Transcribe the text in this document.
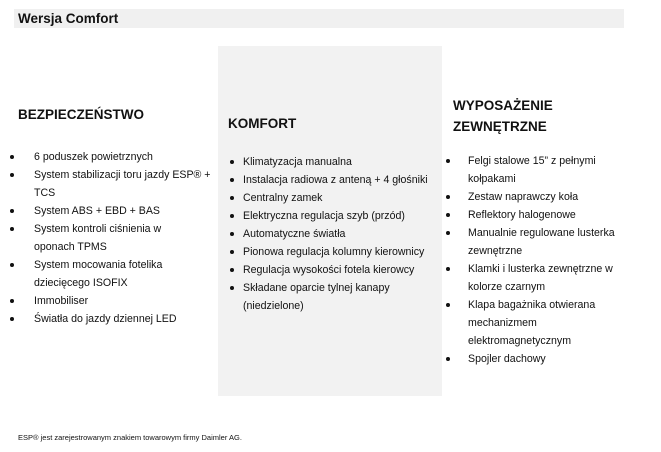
Wersja Comfort
BEZPIECZEŃSTWO
6 poduszek powietrznych
System stabilizacji toru jazdy ESP® + TCS
System ABS + EBD + BAS
System kontroli ciśnienia w oponach TPMS
System mocowania fotelika dziecięcego ISOFIX
Immobiliser
Światła do jazdy dziennej LED
KOMFORT
Klimatyzacja manualna
Instalacja radiowa z anteną + 4 głośniki
Centralny zamek
Elektryczna regulacja szyb (przód)
Automatyczne światła
Pionowa regulacja kolumny kierownicy
Regulacja wysokości fotela kierowcy
Składane oparcie tylnej kanapy (niedzielone)
WYPOSAŻENIE
ZEWNĘTRZNE
Felgi stalowe 15” z pełnymi kołpakami
Zestaw naprawczy koła
Reflektory halogenowe
Manualnie regulowane lusterka zewnętrzne
Klamki i lusterka zewnętrzne w kolorze czarnym
Klapa bagażnika otwierana mechanizmem elektromagnetycznym
Spojler dachowy
ESP® jest zarejestrowanym znakiem towarowym firmy Daimler AG.
